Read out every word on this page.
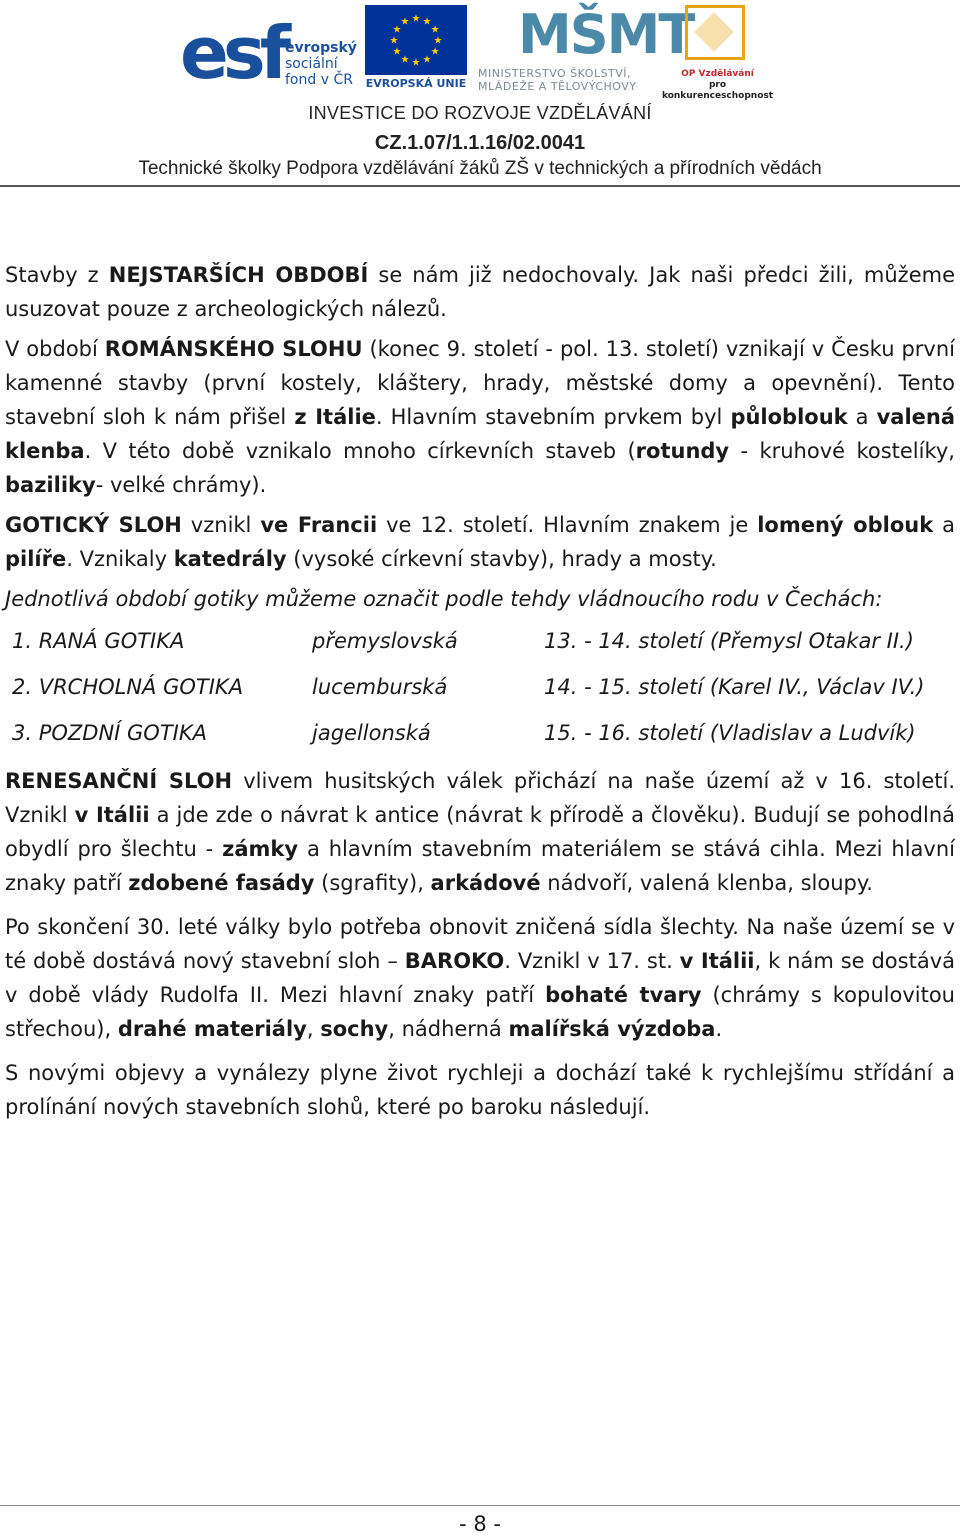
esf evropský
sociální
fond v ČR
★ ★
★
★
★
★
★
★
★
★
★
★
EVROPSKÁ UNIE
MŠMT
MINISTERSTVO ŠKOLSTVÍ,
MLÁDEŽE A TĚLOVÝCHOVY
OP Vzdělávání
pro konkurenceschopnost
INVESTICE DO ROZVOJE VZDĚLÁVÁNÍ
CZ.1.07/1.1.16/02.0041
Technické školky Podpora vzdělávání žáků ZŠ v technických a přírodních vědách

Stavby z NEJSTARŠÍCH OBDOBÍ se nám již nedochovaly. Jak naši předci žili, můžeme usuzovat pouze z archeologických nálezů.

V období ROMÁNSKÉHO SLOHU (konec 9. století - pol. 13. století) vznikají v Česku první kamenné stavby (první kostely, kláštery, hrady, městské domy a opevnění). Tento stavební sloh k nám přišel z Itálie. Hlavním stavebním prvkem byl půloblouk a valená klenba. V této době vznikalo mnoho církevních staveb (rotundy - kruhové kostelíky, baziliky- velké chrámy).

GOTICKÝ SLOH vznikl ve Francii ve 12. století. Hlavním znakem je lomený oblouk a pilíře. Vznikaly katedrály (vysoké církevní stavby), hrady a mosty.

Jednotlivá období gotiky můžeme označit podle tehdy vládnoucího rodu v Čechách:

1. RANÁ GOTIKA	přemyslovská	13. - 14. století (Přemysl Otakar II.)
2. VRCHOLNÁ GOTIKA	lucemburská	14. - 15. století (Karel IV., Václav IV.)
3. POZDNÍ GOTIKA	jagellonská	15. - 16. století (Vladislav a Ludvík)

RENESANČNÍ SLOH vlivem husitských válek přichází na naše území až v 16. století. Vznikl v Itálii a jde zde o návrat k antice (návrat k přírodě a člověku). Budují se pohodlná obydlí pro šlechtu - zámky a hlavním stavebním materiálem se stává cihla. Mezi hlavní znaky patří zdobené fasády (sgrafity), arkádové nádvoří, valená klenba, sloupy.

Po skončení 30. leté války bylo potřeba obnovit zničená sídla šlechty. Na naše území se v té době dostává nový stavební sloh – BAROKO. Vznikl v 17. st. v Itálii, k nám se dostává v době vlády Rudolfa II. Mezi hlavní znaky patří bohaté tvary (chrámy s kopulovitou střechou), drahé materiály, sochy, nádherná malířská výzdoba.

S novými objevy a vynálezy plyne život rychleji a dochází také k rychlejšímu střídání a prolínání nových stavebních slohů, které po baroku následují.

- 8 -
